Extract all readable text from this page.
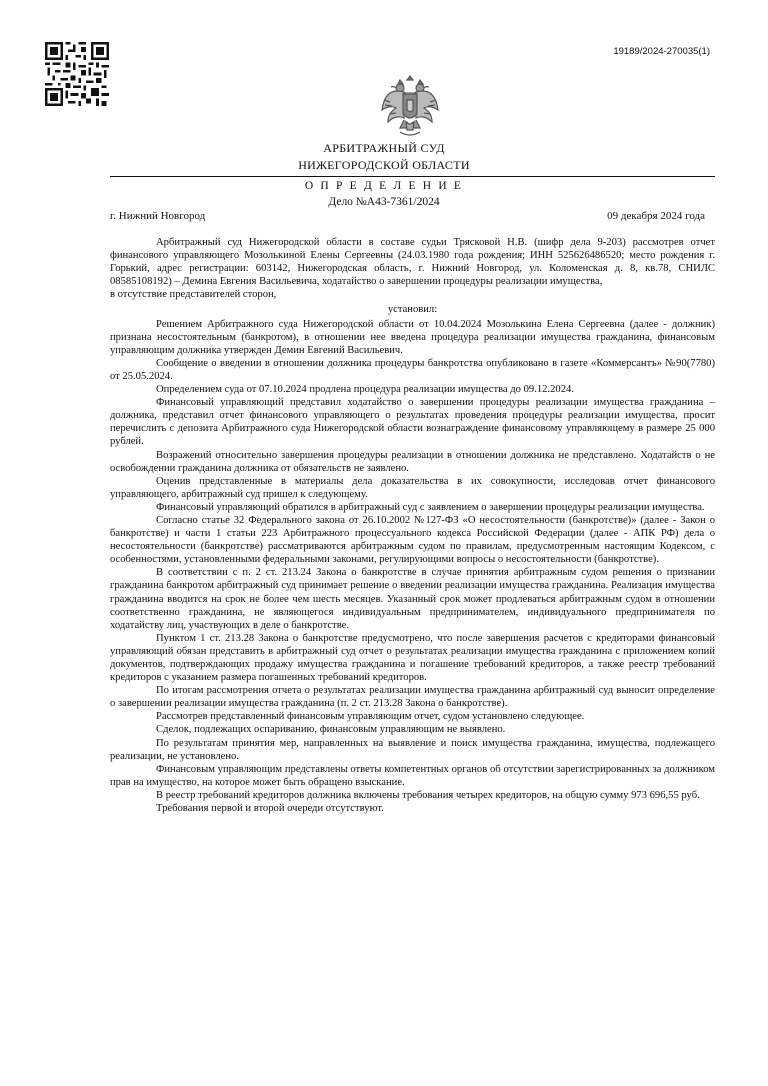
19189/2024-270035(1)
АРБИТРАЖНЫЙ СУД
НИЖЕГОРОДСКОЙ ОБЛАСТИ
О П Р Е Д Е Л Е Н И Е
Дело №А43-7361/2024
г. Нижний Новгород	09 декабря 2024 года

Арбитражный суд Нижегородской области в составе судьи Трясковой Н.В. (шифр дела 9-203) рассмотрев отчет финансового управляющего Мозолькиной Елены Сергеевны (24.03.1980 года рождения; ИНН 525626486520; место рождения г. Горький, адрес регистрации: 603142, Нижегородская область, г. Нижний Новгород, ул. Коломенская д. 8, кв.78, СНИЛС 08585108192) – Демина Евгения Васильевича, ходатайство о завершении процедуры реализации имущества,

в отсутствие представителей сторон,

установил:

Решением Арбитражного суда Нижегородской области от 10.04.2024 Мозолькина Елена Сергеевна (далее - должник) признана несостоятельным (банкротом), в отношении нее введена процедура реализации имущества гражданина, финансовым управляющим должника утвержден Демин Евгений Васильевич.

Сообщение о введении в отношении должника процедуры банкротства опубликовано в газете «Коммерсантъ» №90(7780) от 25.05.2024.

Определением суда от 07.10.2024 продлена процедура реализации имущества до 09.12.2024.

Финансовый управляющий представил ходатайство о завершении процедуры реализации имущества гражданина – должника, представил отчет финансового управляющего о результатах проведения процедуры реализации имущества, просит перечислить с депозита Арбитражного суда Нижегородской области вознаграждение финансовому управляющему в размере 25 000 рублей.

Возражений относительно завершения процедуры реализации в отношении должника не представлено. Ходатайств о не освобождении гражданина должника от обязательств не заявлено.

Оценив представленные в материалы дела доказательства в их совокупности, исследовав отчет финансового управляющего, арбитражный суд пришел к следующему.

Финансовый управляющий обратился в арбитражный суд с заявлением о завершении процедуры реализации имущества.

Согласно статье 32 Федерального закона от 26.10.2002 №127-ФЗ «О несостоятельности (банкротстве)» (далее - Закон о банкротстве) и части 1 статьи 223 Арбитражного процессуального кодекса Российской Федерации (далее - АПК РФ) дела о несостоятельности (банкротстве) рассматриваются арбитражным судом по правилам, предусмотренным настоящим Кодексом, с особенностями, установленными федеральными законами, регулирующими вопросы о несостоятельности (банкротстве).

В соответствии с п. 2 ст. 213.24 Закона о банкротстве в случае принятия арбитражным судом решения о признании гражданина банкротом арбитражный суд принимает решение о введении реализации имущества гражданина. Реализация имущества гражданина вводится на срок не более чем шесть месяцев. Указанный срок может продлеваться арбитражным судом в отношении соответственно гражданина, не являющегося индивидуальным предпринимателем, индивидуального предпринимателя по ходатайству лиц, участвующих в деле о банкротстве.

Пунктом 1 ст. 213.28 Закона о банкротстве предусмотрено, что после завершения расчетов с кредиторами финансовый управляющий обязан представить в арбитражный суд отчет о результатах реализации имущества гражданина с приложением копий документов, подтверждающих продажу имущества гражданина и погашение требований кредиторов, а также реестр требований кредиторов с указанием размера погашенных требований кредиторов.

По итогам рассмотрения отчета о результатах реализации имущества гражданина арбитражный суд выносит определение о завершении реализации имущества гражданина (п. 2 ст. 213.28 Закона о банкротстве).

Рассмотрев представленный финансовым управляющим отчет, судом установлено следующее.

Сделок, подлежащих оспариванию, финансовым управляющим не выявлено.

По результатам принятия мер, направленных на выявление и поиск имущества гражданина, имущества, подлежащего реализации, не установлено.

Финансовым управляющим представлены ответы компетентных органов об отсутствии зарегистрированных за должником прав на имущество, на которое может быть обращено взыскание.

В реестр требований кредиторов должника включены требования четырех кредиторов, на общую сумму 973 696,55 руб.

Требования первой и второй очереди отсутствуют.
